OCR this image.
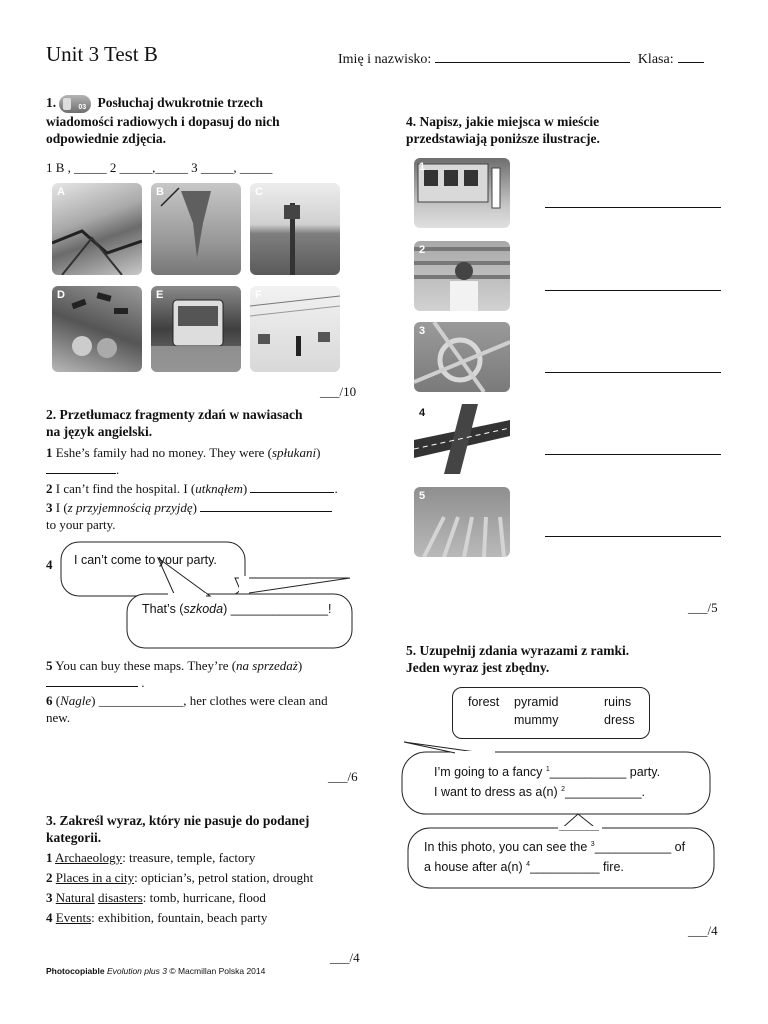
Unit 3 Test B	Imię i nazwisko:	Klasa:
1.	03 Posłuchaj dwukrotnie trzech
wiadomości radiowych i dopasuj do nich
odpowiednie zdjęcia.
1 B , _____ 2 _____,_____ 3 _____, _____
A	B	C
D	E	F
___/10
2. Przetłumacz fragmenty zdań w nawiasach
na język angielski.
1 Eshe’s family had no money. They were (spłukani)
.
2 I can’t find the hospital. I (utknąłem)	.
3 I (z przyjemnością przyjdę)
to your party.
4 I can’t come to your party.
That’s (szkoda) ______________!
5 You can buy these maps. They’re (na sprzedaż)
.
6 (Nagle) _____________, her clothes were clean and
new.
___/6
3. Zakreśl wyraz, który nie pasuje do podanej
kategorii.
1 Archaeology: treasure, temple, factory
2 Places in a city: optician’s, petrol station, drought
3 Natural disasters: tomb, hurricane, flood
4 Events: exhibition, fountain, beach party
___/4
Photocopiable Evolution plus 3 © Macmillan Polska 2014
4. Napisz, jakie miejsca w mieście
przedstawiają poniższe ilustracje.
1
2
3
4
5
___/5
5. Uzupełnij zdania wyrazami z ramki.
Jeden wyraz jest zbędny.
forest pyramid	ruins
mummy	dress
I’m going to a fancy $^1$___________ party.
I want to dress as a(n) $^2$___________.
In this photo, you can see the $^3$___________ of
a house after a(n) $^4$__________ fire.
___/4
